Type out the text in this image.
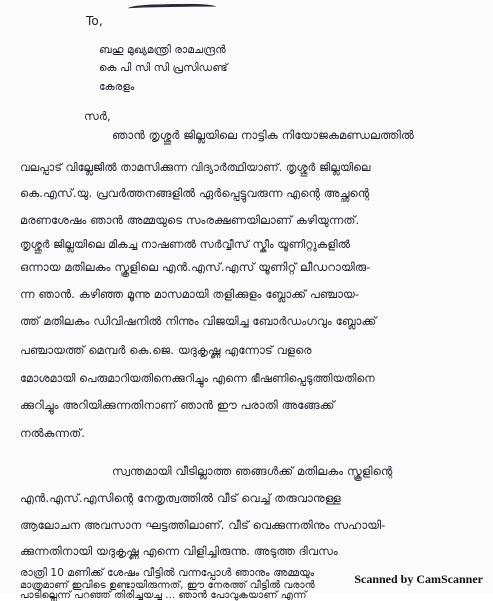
To,
ബഹു മുഖ്യമന്ത്രി രാമചന്ദ്രൻ
കെ പി സി സി പ്രസിഡണ്ട്
കേരളം
സർ,
ഞാൻ തൃശ്ശൂർ ജില്ലയിലെ നാട്ടിക നിയോജകമണ്ഡലത്തിൽ
വലപ്പാട് വില്ലേജിൽ താമസിക്കുന്ന വിദ്യാർത്ഥിയാണ്. തൃശ്ശൂർ ജില്ലയിലെ
കെ.എസ്.യു. പ്രവർത്തനങ്ങളിൽ ഏർപ്പെട്ടുവരുന്ന എന്റെ അച്ഛന്റെ
മരണശേഷം ഞാൻ അമ്മയുടെ സംരക്ഷണയിലാണ് കഴിയുന്നത്.
തൃശ്ശൂർ ജില്ലയിലെ മികച്ച നാഷണൽ സർവ്വീസ് സ്കീം യൂണിറ്റുകളിൽ
ഒന്നായ മതിലകം സ്കൂളിലെ എൻ.എസ്.എസ് യൂണിറ്റ് ലീഡറായിരു-
ന്ന ഞാൻ. കഴിഞ്ഞ മൂന്നു മാസമായി തളിക്കുളം ബ്ലോക്ക് പഞ്ചായ-
ത്ത് മതിലകം ഡിവിഷനിൽ നിന്നും വിജയിച്ച ബോർഡംഗവും ബ്ലോക്ക്
പഞ്ചായത്ത് മെമ്പർ കെ.ജെ. യദുകൃഷ്ണ എന്നോട് വളരെ
മോശമായി പെരുമാറിയതിനെക്കുറിച്ചും എന്നെ ഭീഷണിപ്പെടുത്തിയതിനെ
ക്കുറിച്ചും അറിയിക്കുന്നതിനാണ് ഞാൻ ഈ പരാതി അങ്ങേക്ക്
നൽകുന്നത്.
സ്വന്തമായി വീടില്ലാത്ത ഞങ്ങൾക്ക് മതിലകം സ്കൂളിന്റെ
എൻ.എസ്.എസിന്റെ നേതൃത്വത്തിൽ വീട് വെച്ച് തരുവാനുള്ള
ആലോചന അവസാന ഘട്ടത്തിലാണ്. വീട് വെക്കുന്നതിനും സഹായി-
ക്കുന്നതിനായി യദുകൃഷ്ണ എന്നെ വിളിച്ചിരുന്നു. അടുത്ത ദിവസം
രാത്രി 10 മണിക്ക് ശേഷം വീട്ടിൽ വന്നപ്പോൾ ഞാനും അമ്മയും
മാത്രമാണ് ഇവിടെ ഉണ്ടായിരുന്നത്, ഈ നേരത്ത് വീട്ടിൽ വരാൻ
പാടില്ലെന്ന് പറഞ്ഞ് തിരിച്ചയച്ച ... ഞാൻ പോവുകയാണ് എന്ന്
Scanned by CamScanner
